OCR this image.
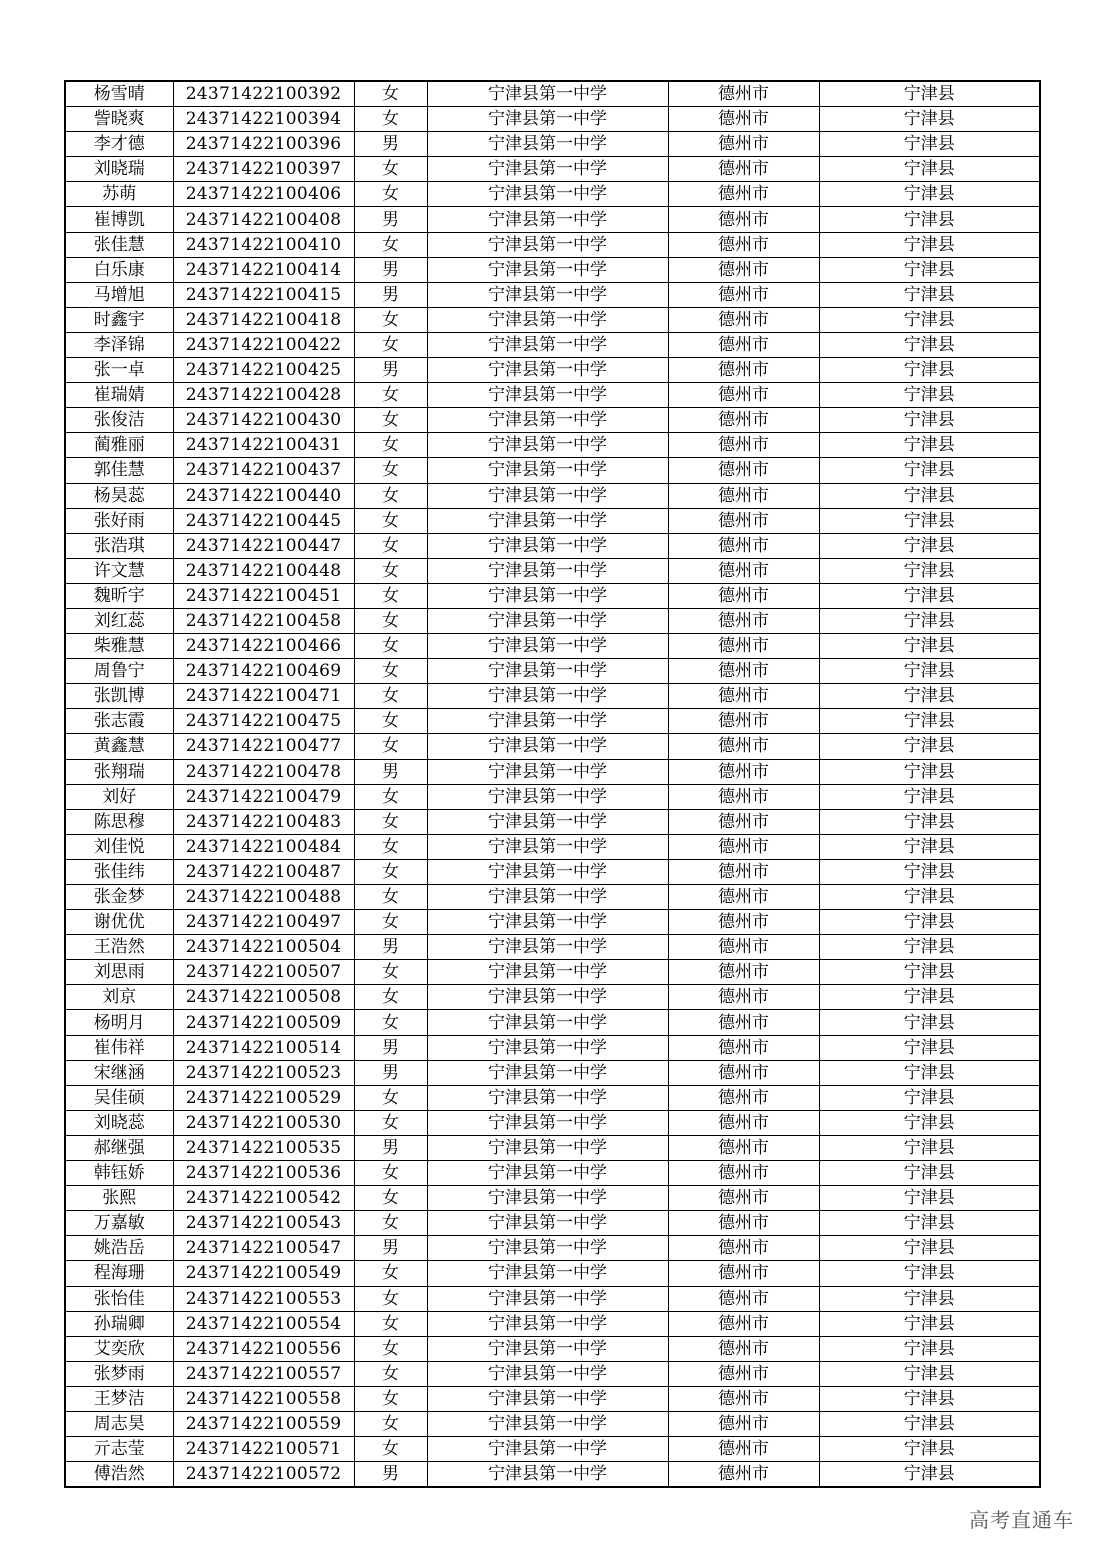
杨雪晴	24371422100392	女	宁津县第一中学	德州市	宁津县
訾晓爽	24371422100394	女	宁津县第一中学	德州市	宁津县
李才德	24371422100396	男	宁津县第一中学	德州市	宁津县
刘晓瑞	24371422100397	女	宁津县第一中学	德州市	宁津县
苏萌	24371422100406	女	宁津县第一中学	德州市	宁津县
崔博凯	24371422100408	男	宁津县第一中学	德州市	宁津县
张佳慧	24371422100410	女	宁津县第一中学	德州市	宁津县
白乐康	24371422100414	男	宁津县第一中学	德州市	宁津县
马增旭	24371422100415	男	宁津县第一中学	德州市	宁津县
时鑫宇	24371422100418	女	宁津县第一中学	德州市	宁津县
李泽锦	24371422100422	女	宁津县第一中学	德州市	宁津县
张一卓	24371422100425	男	宁津县第一中学	德州市	宁津县
崔瑞婧	24371422100428	女	宁津县第一中学	德州市	宁津县
张俊洁	24371422100430	女	宁津县第一中学	德州市	宁津县
蔺雅丽	24371422100431	女	宁津县第一中学	德州市	宁津县
郭佳慧	24371422100437	女	宁津县第一中学	德州市	宁津县
杨昊蕊	24371422100440	女	宁津县第一中学	德州市	宁津县
张好雨	24371422100445	女	宁津县第一中学	德州市	宁津县
张浩琪	24371422100447	女	宁津县第一中学	德州市	宁津县
许文慧	24371422100448	女	宁津县第一中学	德州市	宁津县
魏昕宇	24371422100451	女	宁津县第一中学	德州市	宁津县
刘红蕊	24371422100458	女	宁津县第一中学	德州市	宁津县
柴雅慧	24371422100466	女	宁津县第一中学	德州市	宁津县
周鲁宁	24371422100469	女	宁津县第一中学	德州市	宁津县
张凯博	24371422100471	女	宁津县第一中学	德州市	宁津县
张志霞	24371422100475	女	宁津县第一中学	德州市	宁津县
黄鑫慧	24371422100477	女	宁津县第一中学	德州市	宁津县
张翔瑞	24371422100478	男	宁津县第一中学	德州市	宁津县
刘好	24371422100479	女	宁津县第一中学	德州市	宁津县
陈思穆	24371422100483	女	宁津县第一中学	德州市	宁津县
刘佳悦	24371422100484	女	宁津县第一中学	德州市	宁津县
张佳纬	24371422100487	女	宁津县第一中学	德州市	宁津县
张金梦	24371422100488	女	宁津县第一中学	德州市	宁津县
谢优优	24371422100497	女	宁津县第一中学	德州市	宁津县
王浩然	24371422100504	男	宁津县第一中学	德州市	宁津县
刘思雨	24371422100507	女	宁津县第一中学	德州市	宁津县
刘京	24371422100508	女	宁津县第一中学	德州市	宁津县
杨明月	24371422100509	女	宁津县第一中学	德州市	宁津县
崔伟祥	24371422100514	男	宁津县第一中学	德州市	宁津县
宋继涵	24371422100523	男	宁津县第一中学	德州市	宁津县
吴佳硕	24371422100529	女	宁津县第一中学	德州市	宁津县
刘晓蕊	24371422100530	女	宁津县第一中学	德州市	宁津县
郝继强	24371422100535	男	宁津县第一中学	德州市	宁津县
韩钰娇	24371422100536	女	宁津县第一中学	德州市	宁津县
张熙	24371422100542	女	宁津县第一中学	德州市	宁津县
万嘉敏	24371422100543	女	宁津县第一中学	德州市	宁津县
姚浩岳	24371422100547	男	宁津县第一中学	德州市	宁津县
程海珊	24371422100549	女	宁津县第一中学	德州市	宁津县
张怡佳	24371422100553	女	宁津县第一中学	德州市	宁津县
孙瑞卿	24371422100554	女	宁津县第一中学	德州市	宁津县
艾奕欣	24371422100556	女	宁津县第一中学	德州市	宁津县
张梦雨	24371422100557	女	宁津县第一中学	德州市	宁津县
王梦洁	24371422100558	女	宁津县第一中学	德州市	宁津县
周志昊	24371422100559	女	宁津县第一中学	德州市	宁津县
亓志莹	24371422100571	女	宁津县第一中学	德州市	宁津县
傅浩然	24371422100572	男	宁津县第一中学	德州市	宁津县
高考直通车
